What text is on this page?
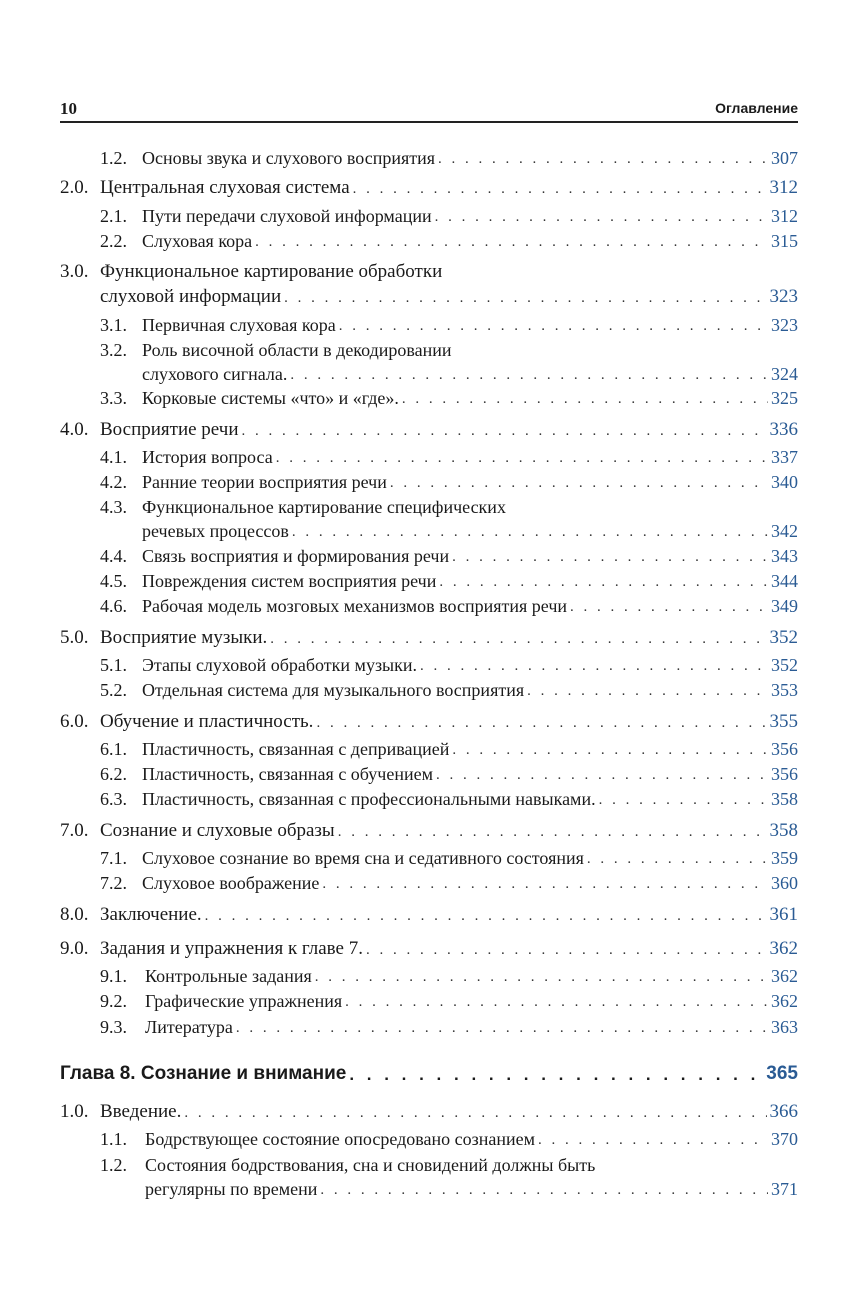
10	Оглавление
1.2. Основы звука и слухового восприятия . . .	307
2.0. Центральная слуховая система . . .	312
2.1. Пути передачи слуховой информации . . .	312
2.2. Слуховая кора . . .	315
3.0. Функциональное картирование обработки
слуховой информации . . .	323
3.1. Первичная слуховая кора . . .	323
3.2. Роль височной области в декодировании
слухового сигнала. . . .	324
3.3. Корковые системы «что» и «где». . . .	325
4.0. Восприятие речи . . .	336
4.1. История вопроса . . .	337
4.2. Ранние теории восприятия речи . . .	340
4.3. Функциональное картирование специфических
речевых процессов . . .	342
4.4. Связь восприятия и формирования речи . . .	343
4.5. Повреждения систем восприятия речи . . .	344
4.6. Рабочая модель мозговых механизмов восприятия речи . . .	349
5.0. Восприятие музыки. . . .	352
5.1. Этапы слуховой обработки музыки. . . .	352
5.2. Отдельная система для музыкального восприятия . . .	353
6.0. Обучение и пластичность. . . .	355
6.1. Пластичность, связанная с депривацией . . .	356
6.2. Пластичность, связанная с обучением . . .	356
6.3. Пластичность, связанная с профессиональными навыками. . . .	358
7.0. Сознание и слуховые образы . . .	358
7.1. Слуховое сознание во время сна и седативного состояния . . .	359
7.2. Слуховое воображение . . .	360
8.0. Заключение. . . .	361
9.0. Задания и упражнения к главе 7. . . .	362
9.1.	Контрольные задания . . .	362
9.2.	Графические упражнения . . .	362
9.3.	Литература . . .	363
Глава 8. Сознание и внимание . . .	365
1.0. Введение. . . .	366
1.1.	Бодрствующее состояние опосредовано сознанием . . .	370
1.2.	Состояния бодрствования, сна и сновидений должны быть
регулярны по времени . . .	371
